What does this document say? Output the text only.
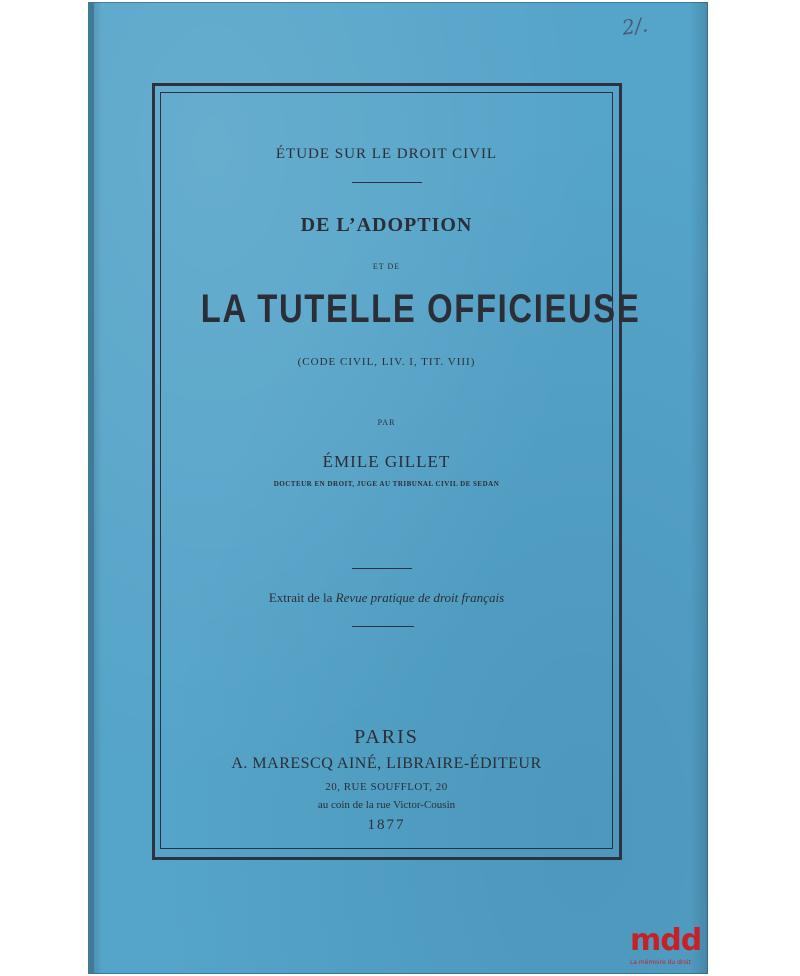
ÉTUDE SUR LE DROIT CIVIL
DE L’ADOPTION
ET DE
LA TUTELLE OFFICIEUSE
(CODE CIVIL, LIV. I, TIT. VIII)
PAR
ÉMILE GILLET
DOCTEUR EN DROIT, JUGE AU TRIBUNAL CIVIL DE SEDAN
Extrait de la Revue pratique de droit français
PARIS
A. MARESCQ AINÉ, LIBRAIRE-ÉDITEUR
20, RUE SOUFFLOT, 20
au coin de la rue Victor-Cousin
1877
2/.
mdd
La mémoire du droit
